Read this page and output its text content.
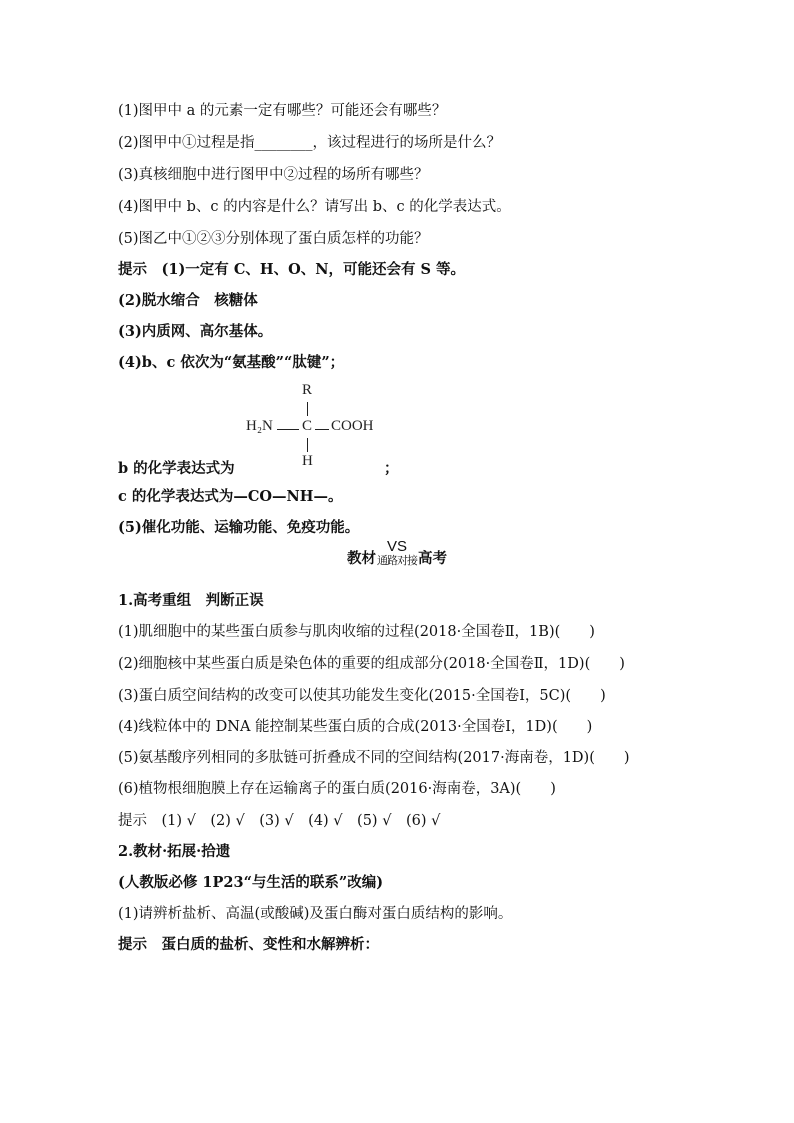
(1)图甲中 a 的元素一定有哪些？可能还会有哪些？
(2)图甲中①过程是指________，该过程进行的场所是什么？
(3)真核细胞中进行图甲中②过程的场所有哪些？
(4)图甲中 b、c 的内容是什么？请写出 b、c 的化学表达式。
(5)图乙中①②③分别体现了蛋白质怎样的功能？
提示　(1)一定有 C、H、O、N，可能还会有 S 等。
(2)脱水缩合　核糖体
(3)内质网、高尔基体。
(4)b、c 依次为“氨基酸”“肽键”；
R
H₂N C COOH
H
b 的化学表达式为	；
c 的化学表达式为—CO—NH—。
(5)催化功能、运输功能、免疫功能。
教材
VS
通路对接 高考
1.高考重组　判断正误
(1)肌细胞中的某些蛋白质参与肌肉收缩的过程(2018·全国卷Ⅱ，1B)(　　)
(2)细胞核中某些蛋白质是染色体的重要的组成部分(2018·全国卷Ⅱ，1D)(　　)
(3)蛋白质空间结构的改变可以使其功能发生变化(2015·全国卷Ⅰ，5C)(　　)
(4)线粒体中的 DNA 能控制某些蛋白质的合成(2013·全国卷Ⅰ，1D)(　　)
(5)氨基酸序列相同的多肽链可折叠成不同的空间结构(2017·海南卷，1D)(　　)
(6)植物根细胞膜上存在运输离子的蛋白质(2016·海南卷，3A)(　　)
提示　(1) √　(2) √　(3) √　(4) √　(5) √　(6) √
2.教材·拓展·拾遗
(人教版必修 1P23“与生活的联系”改编)
(1)请辨析盐析、高温(或酸碱)及蛋白酶对蛋白质结构的影响。
提示　蛋白质的盐析、变性和水解辨析：
